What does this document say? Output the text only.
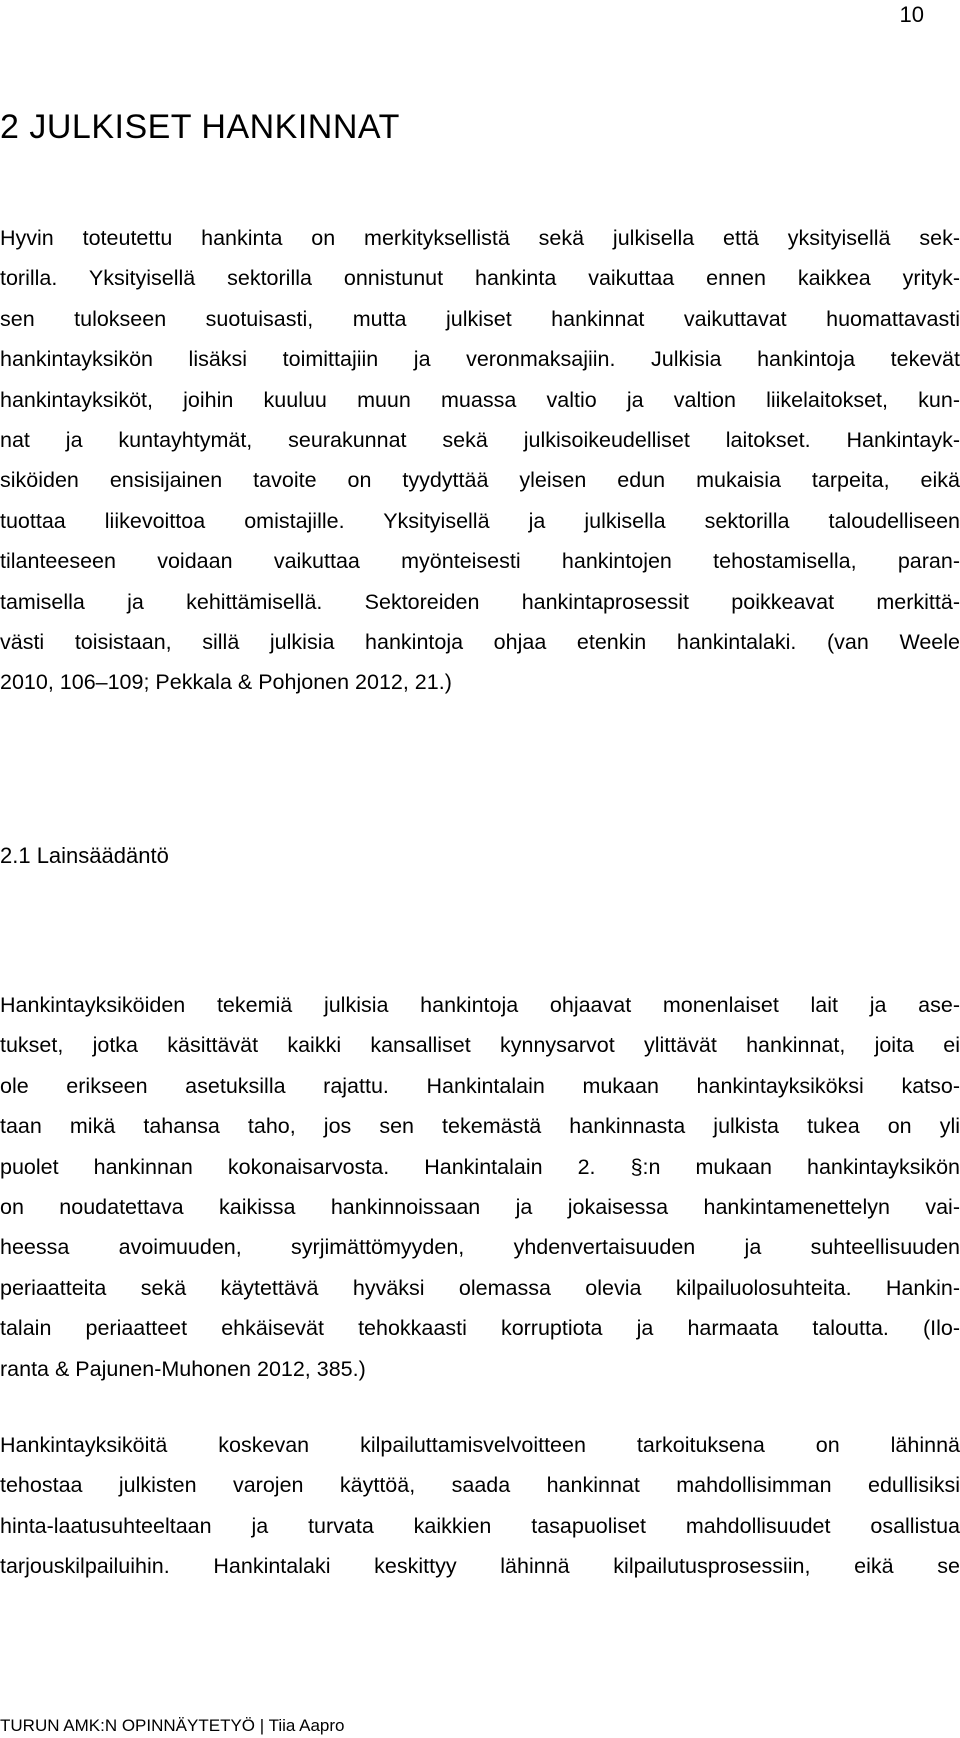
10
2 JULKISET HANKINNAT
Hyvin toteutettu hankinta on merkityksellistä sekä julkisella että yksityisellä sek-
torilla. Yksityisellä sektorilla onnistunut hankinta vaikuttaa ennen kaikkea yrityk-
sen tulokseen suotuisasti, mutta julkiset hankinnat vaikuttavat huomattavasti
hankintayksikön lisäksi toimittajiin ja veronmaksajiin. Julkisia hankintoja tekevät
hankintayksiköt, joihin kuuluu muun muassa valtio ja valtion liikelaitokset, kun-
nat ja kuntayhtymät, seurakunnat sekä julkisoikeudelliset laitokset. Hankintayk-
siköiden ensisijainen tavoite on tyydyttää yleisen edun mukaisia tarpeita, eikä
tuottaa liikevoittoa omistajille. Yksityisellä ja julkisella sektorilla taloudelliseen
tilanteeseen voidaan vaikuttaa myönteisesti hankintojen tehostamisella, paran-
tamisella ja kehittämisellä. Sektoreiden hankintaprosessit poikkeavat merkittä-
västi toisistaan, sillä julkisia hankintoja ohjaa etenkin hankintalaki. (van Weele
2010, 106–109; Pekkala & Pohjonen 2012, 21.)
2.1 Lainsäädäntö
Hankintayksiköiden tekemiä julkisia hankintoja ohjaavat monenlaiset lait ja ase-
tukset, jotka käsittävät kaikki kansalliset kynnysarvot ylittävät hankinnat, joita ei
ole erikseen asetuksilla rajattu. Hankintalain mukaan hankintayksiköksi katso-
taan mikä tahansa taho, jos sen tekemästä hankinnasta julkista tukea on yli
puolet hankinnan kokonaisarvosta. Hankintalain 2. §:n mukaan hankintayksikön
on noudatettava kaikissa hankinnoissaan ja jokaisessa hankintamenettelyn vai-
heessa avoimuuden, syrjimättömyyden, yhdenvertaisuuden ja suhteellisuuden
periaatteita sekä käytettävä hyväksi olemassa olevia kilpailuolosuhteita. Hankin-
talain periaatteet ehkäisevät tehokkaasti korruptiota ja harmaata taloutta. (Ilo-
ranta & Pajunen-Muhonen 2012, 385.)
Hankintayksiköitä koskevan kilpailuttamisvelvoitteen tarkoituksena on lähinnä
tehostaa julkisten varojen käyttöä, saada hankinnat mahdollisimman edullisiksi
hinta-laatusuhteeltaan ja turvata kaikkien tasapuoliset mahdollisuudet osallistua
tarjouskilpailuihin. Hankintalaki keskittyy lähinnä kilpailutusprosessiin, eikä se
TURUN AMK:N OPINNÄYTETYÖ | Tiia Aapro
